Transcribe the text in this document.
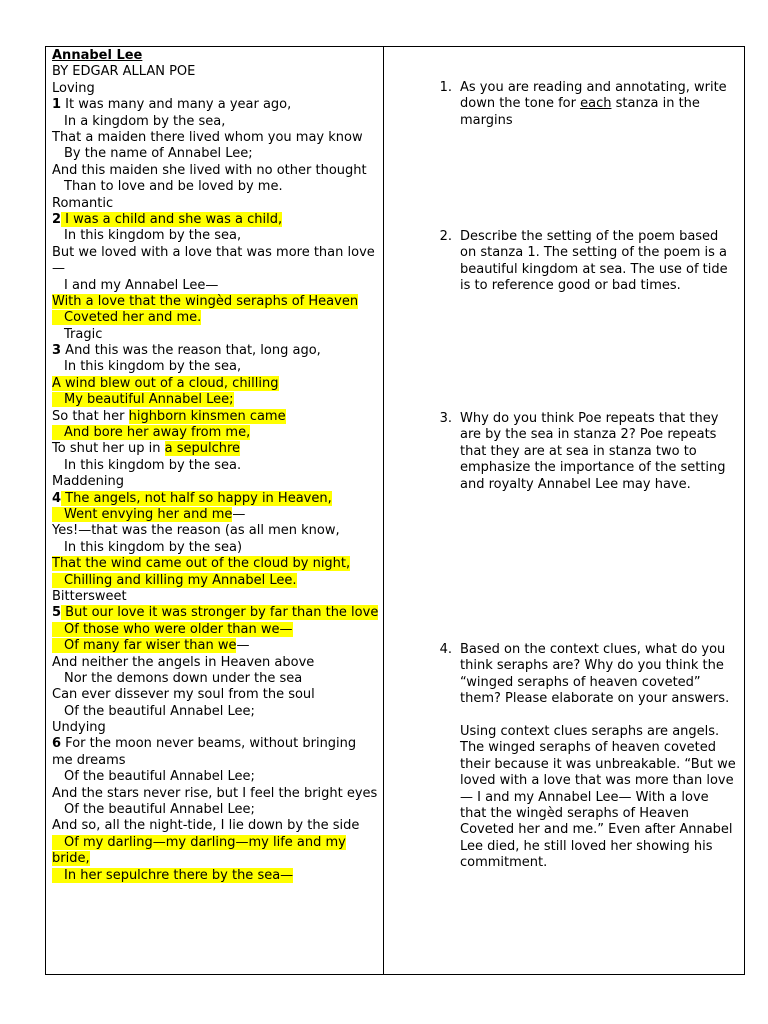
Annabel Lee
BY EDGAR ALLAN POE
Loving
1 It was many and many a year ago,
In a kingdom by the sea,
That a maiden there lived whom you may know
By the name of Annabel Lee;
And this maiden she lived with no other thought
Than to love and be loved by me.
Romantic
2 I was a child and she was a child,
In this kingdom by the sea,
But we loved with a love that was more than love—
I and my Annabel Lee—
With a love that the wingèd seraphs of Heaven
Coveted her and me.
Tragic
3 And this was the reason that, long ago,
In this kingdom by the sea,
A wind blew out of a cloud, chilling
My beautiful Annabel Lee;
So that her highborn kinsmen came
And bore her away from me,
To shut her up in a sepulchre
In this kingdom by the sea.
Maddening
4 The angels, not half so happy in Heaven,
Went envying her and me—
Yes!—that was the reason (as all men know,
In this kingdom by the sea)
That the wind came out of the cloud by night,
Chilling and killing my Annabel Lee.
Bittersweet
5 But our love it was stronger by far than the love
Of those who were older than we—
Of many far wiser than we—
And neither the angels in Heaven above
Nor the demons down under the sea
Can ever dissever my soul from the soul
Of the beautiful Annabel Lee;
Undying
6 For the moon never beams, without bringing me dreams
Of the beautiful Annabel Lee;
And the stars never rise, but I feel the bright eyes
Of the beautiful Annabel Lee;
And so, all the night-tide, I lie down by the side
Of my darling—my darling—my life and my bride,
In her sepulchre there by the sea—
1. As you are reading and annotating, write down the tone for each stanza in the margins
2. Describe the setting of the poem based on stanza 1. The setting of the poem is a beautiful kingdom at sea. The use of tide is to reference good or bad times.
3. Why do you think Poe repeats that they are by the sea in stanza 2? Poe repeats that they are at sea in stanza two to emphasize the importance of the setting and royalty Annabel Lee may have.
4. Based on the context clues, what do you think seraphs are? Why do you think the “winged seraphs of heaven coveted” them? Please elaborate on your answers.

Using context clues seraphs are angels. The winged seraphs of heaven coveted their because it was unbreakable. “But we loved with a love that was more than love— I and my Annabel Lee— With a love that the wingèd seraphs of Heaven Coveted her and me.” Even after Annabel Lee died, he still loved her showing his commitment.
